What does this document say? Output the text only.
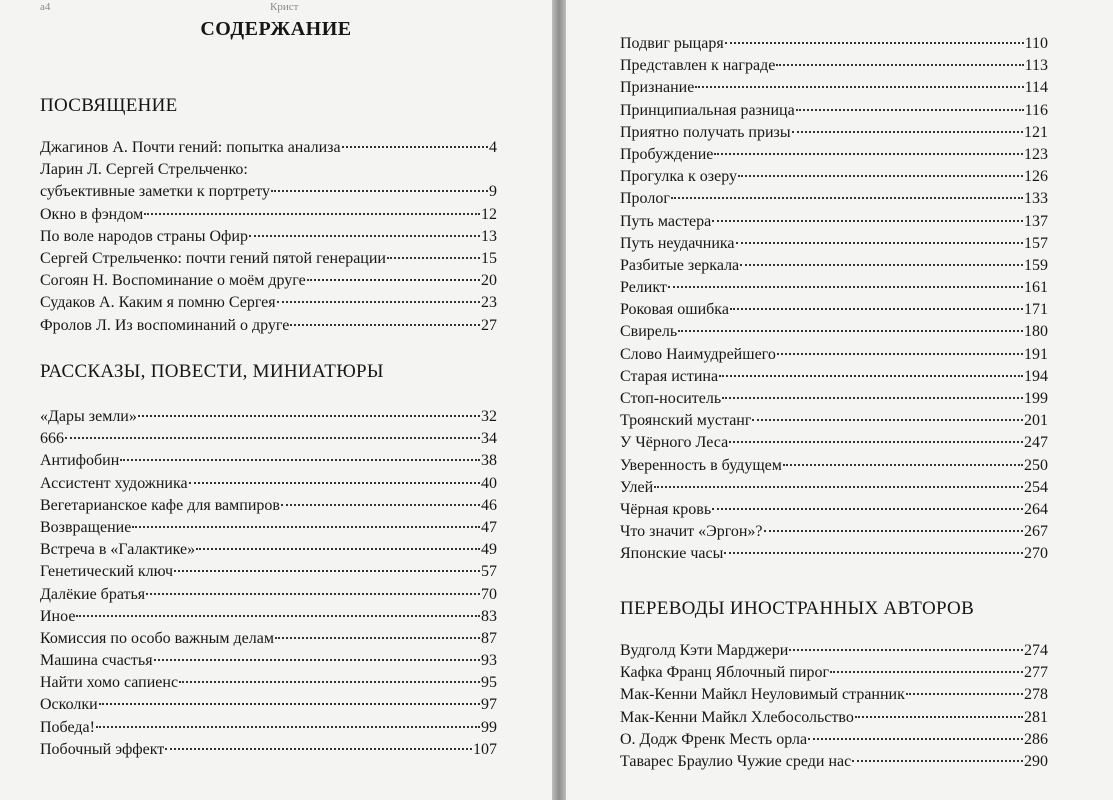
а4	Крист
СОДЕРЖАНИЕ
ПОСВЯЩЕНИЕ
Джагинов А. Почти гений: попытка анализа	4
Ларин Л. Сергей Стрельченко:
субъективные заметки к портрету	9
Окно в фэндом	12
По воле народов страны Офир	13
Сергей Стрельченко: почти гений пятой генерации	15
Согоян Н. Воспоминание о моём друге	20
Судаков А. Каким я помню Сергея	23
Фролов Л. Из воспоминаний о друге	27
РАССКАЗЫ, ПОВЕСТИ, МИНИАТЮРЫ
«Дары земли»	32
666	34
Антифобин	38
Ассистент художника	40
Вегетарианское кафе для вампиров	46
Возвращение	47
Встреча в «Галактике»	49
Генетический ключ	57
Далёкие братья	70
Иное	83
Комиссия по особо важным делам	87
Машина счастья	93
Найти хомо сапиенс	95
Осколки	97
Победа!	99
Побочный эффект	107
Подвиг рыцаря	110
Представлен к награде	113
Признание	114
Принципиальная разница	116
Приятно получать призы	121
Пробуждение	123
Прогулка к озеру	126
Пролог	133
Путь мастера	137
Путь неудачника	157
Разбитые зеркала	159
Реликт	161
Роковая ошибка	171
Свирель	180
Слово Наимудрейшего	191
Старая истина	194
Стоп-носитель	199
Троянский мустанг	201
У Чёрного Леса	247
Уверенность в будущем	250
Улей	254
Чёрная кровь	264
Что значит «Эргон»?	267
Японские часы	270
ПЕРЕВОДЫ ИНОСТРАННЫХ АВТОРОВ
Вудголд Кэти Марджери	274
Кафка Франц Яблочный пирог	277
Мак-Кенни Майкл Неуловимый странник	278
Мак-Кенни Майкл Хлебосольство	281
О. Додж Френк Месть орла	286
Таварес Браулио Чужие среди нас	290
